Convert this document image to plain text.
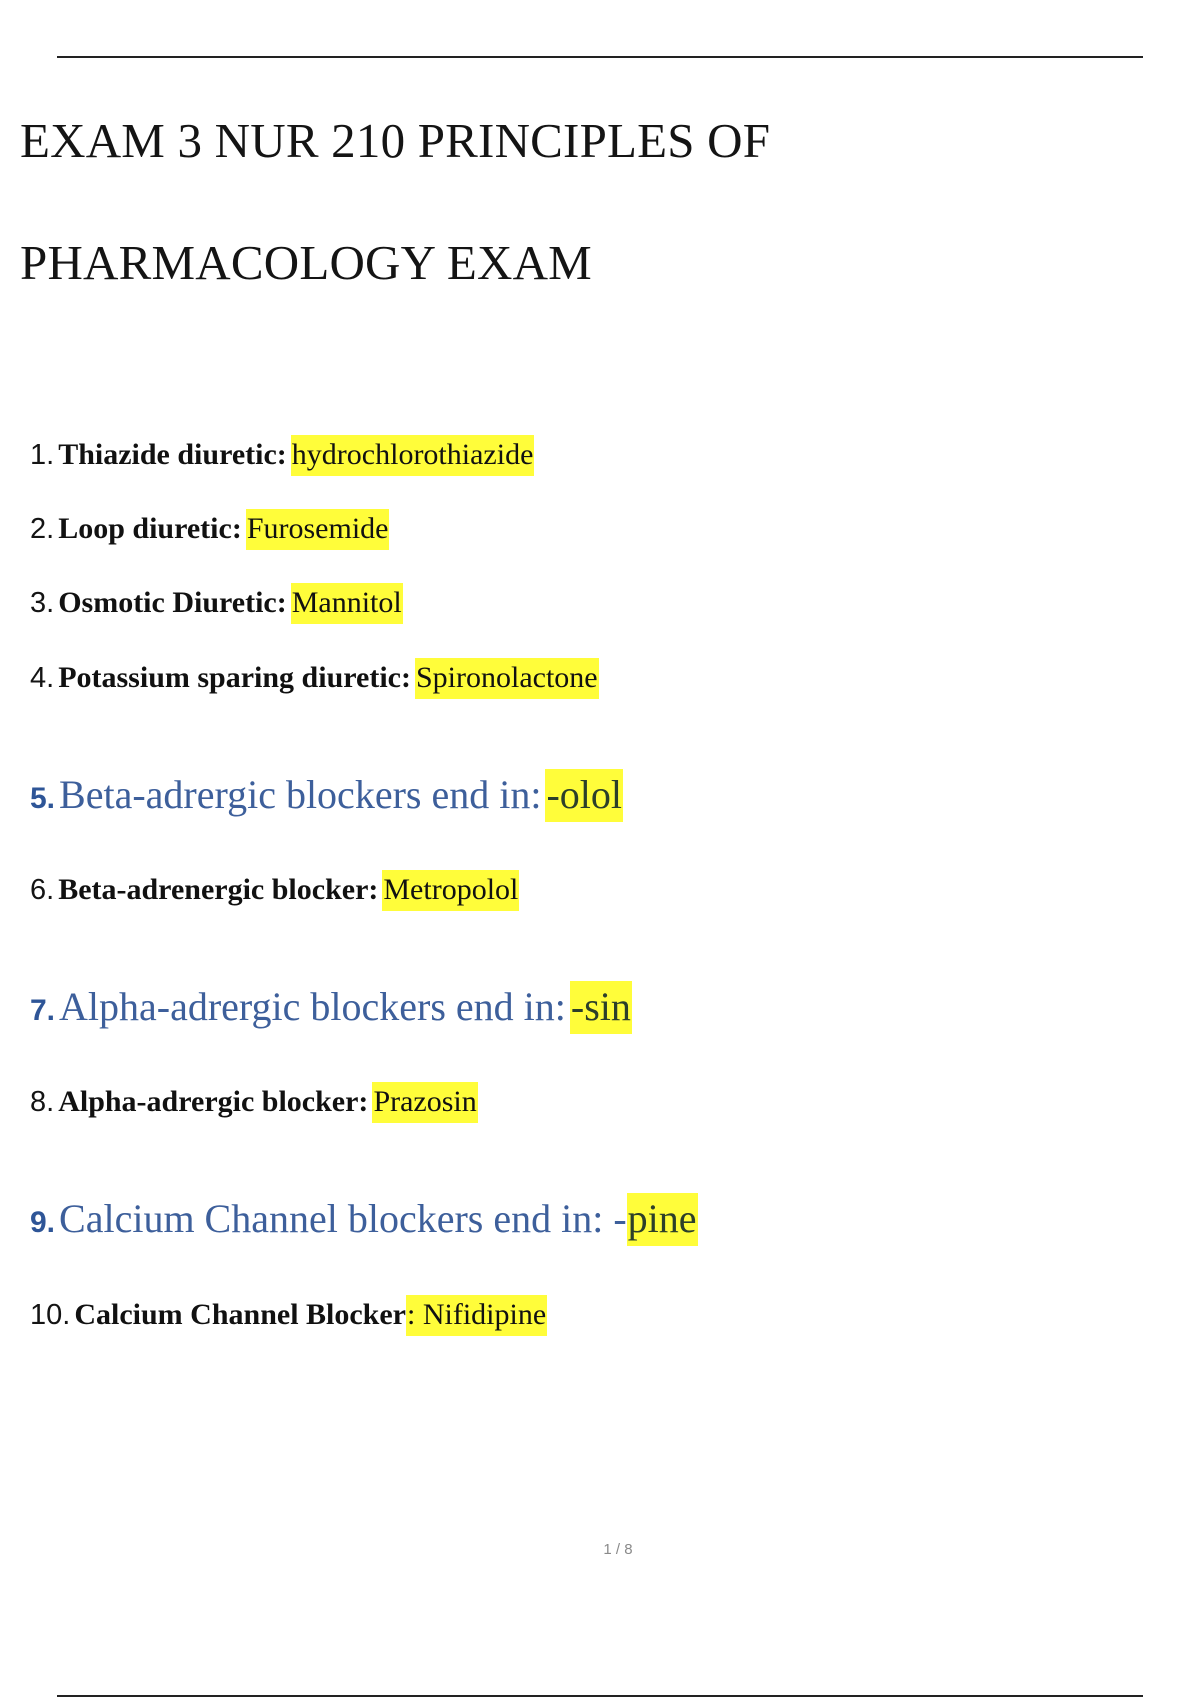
EXAM 3 NUR 210 PRINCIPLES OF
PHARMACOLOGY EXAM
1. Thiazide diuretic: hydrochlorothiazide
2. Loop diuretic: Furosemide
3. Osmotic Diuretic: Mannitol
4. Potassium sparing diuretic: Spironolactone
5. Beta-adrergic blockers end in: -olol
6. Beta-adrenergic blocker: Metropolol
7. Alpha-adrergic blockers end in: -sin
8. Alpha-adrergic blocker: Prazosin
9. Calcium Channel blockers end in: -pine
10. Calcium Channel Blocker: Nifidipine
1 / 8
